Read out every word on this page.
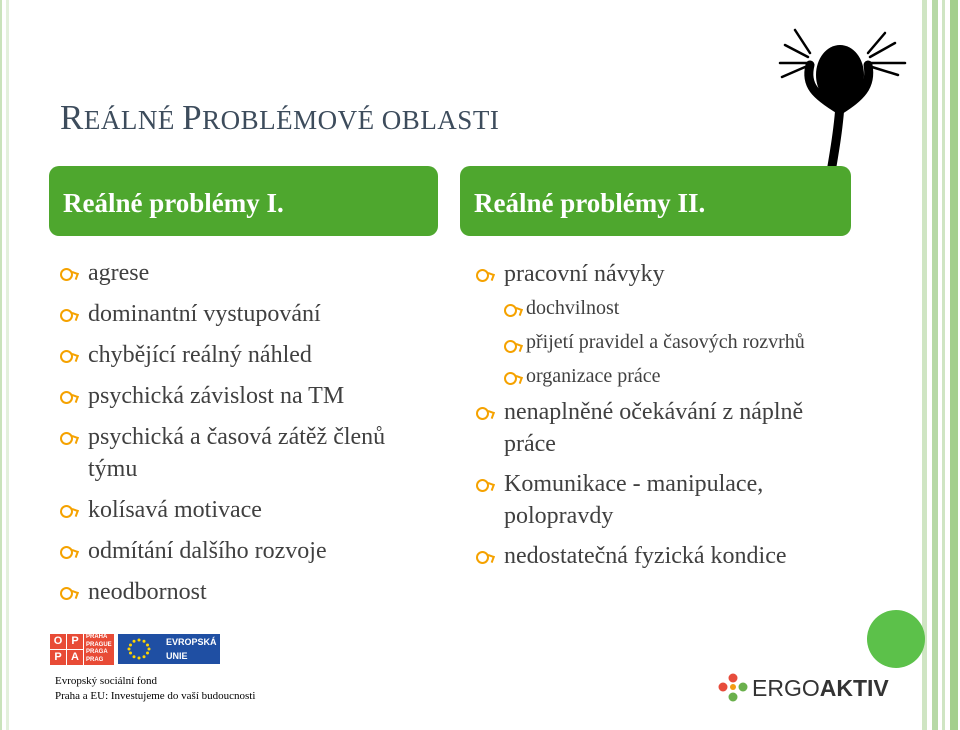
REÁLNÉ PROBLÉMOVÉ OBLASTI
Reálné problémy I.	Reálné problémy II.
agrese
dominantní vystupování
chybějící reálný náhled
psychická závislost na TM
psychická a časová zátěž členů týmu
kolísavá motivace
odmítání dalšího rozvoje
neodbornost
pracovní návyky
dochvilnost
přijetí pravidel a časových rozvrhů
organizace práce
nenaplněné očekávání z náplně práce
Komunikace - manipulace, polopravdy
nedostatečná fyzická kondice
O P
P A
PRAHA
PRAGUE
PRAGA
PRAG
EVROPSKÁ
UNIE
Evropský sociální fond
Praha a EU: Investujeme do vaší budoucnosti	ERGOAKTIV
